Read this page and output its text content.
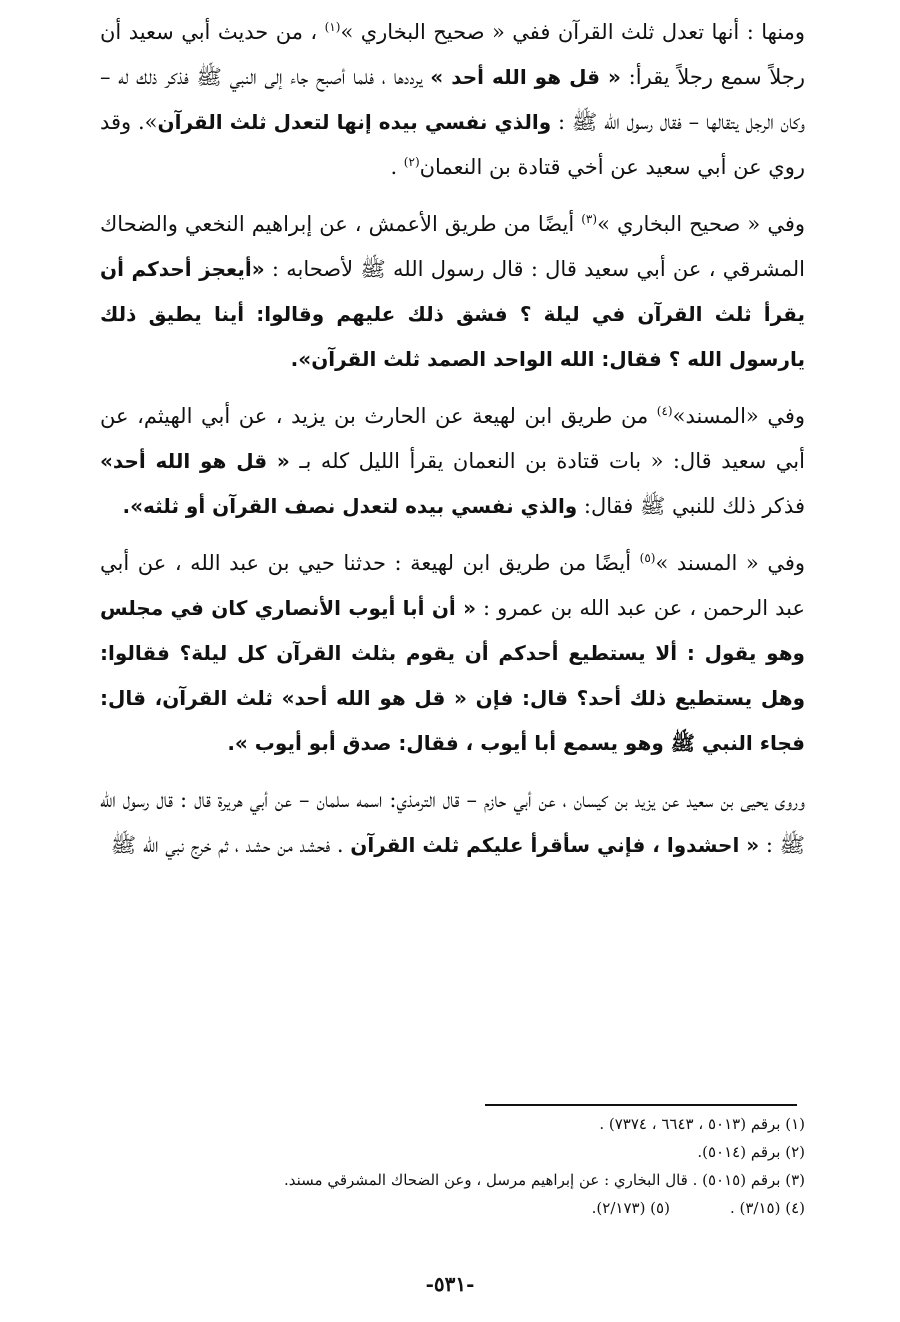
ومنها : أنها تعدل ثلث القرآن ففي « صحيح البخاري »$^{(١)}$ ، من حديث أبي سعيد أن رجلاً سمع رجلاً يقرأ: « قل هو الله أحد » يرددها ، فلما أصبح جاء إلى النبي ﷺ فذكر ذلك له – وكان الرجل يتقالها – فقال رسول الله ﷺ : والذي نفسي بيده إنها لتعدل ثلث القرآن». وقد روي عن أبي سعيد عن أخي قتادة بن النعمان$^{(٢)}$ .

وفي « صحيح البخاري »$^{(٣)}$ أيضًا من طريق الأعمش ، عن إبراهيم النخعي والضحاك المشرقي ، عن أبي سعيد قال : قال رسول الله ﷺ لأصحابه : «أيعجز أحدكم أن يقرأ ثلث القرآن في ليلة ؟ فشق ذلك عليهم وقالوا: أينا يطيق ذلك يارسول الله ؟ فقال: الله الواحد الصمد ثلث القرآن».

وفي «المسند»$^{(٤)}$ من طريق ابن لهيعة عن الحارث بن يزيد ، عن أبي الهيثم، عن أبي سعيد قال: « بات قتادة بن النعمان يقرأ الليل كله بـ « قل هو الله أحد» فذكر ذلك للنبي ﷺ فقال: والذي نفسي بيده لتعدل نصف القرآن أو ثلثه».

وفي « المسند »$^{(٥)}$ أيضًا من طريق ابن لهيعة : حدثنا حيي بن عبد الله ، عن أبي عبد الرحمن ، عن عبد الله بن عمرو : « أن أبا أيوب الأنصاري كان في مجلس وهو يقول : ألا يستطيع أحدكم أن يقوم بثلث القرآن كل ليلة؟ فقالوا: وهل يستطيع ذلك أحد؟ قال: فإن « قل هو الله أحد» ثلث القرآن، قال: فجاء النبي ﷺ وهو يسمع أبا أيوب ، فقال: صدق أبو أيوب ».

وروى يحيى بن سعيد عن يزيد بن كيسان ، عن أبي حازم – قال الترمذي: اسمه سلمان – عن أبي هريرة قال : قال رسول الله ﷺ : « احشدوا ، فإني سأقرأ عليكم ثلث القرآن . فحشد من حشد ، ثم خرج نبي الله ﷺ

(١) برقم (٥٠١٣ ، ٦٦٤٣ ، ٧٣٧٤) .

(٢) برقم (٥٠١٤).

(٣) برقم (٥٠١٥) . قال البخاري : عن إبراهيم مرسل ، وعن الضحاك المشرقي مسند.

(٤) (٣/١٥) .
(٥) (٢/١٧٣).
-٥٣١-
